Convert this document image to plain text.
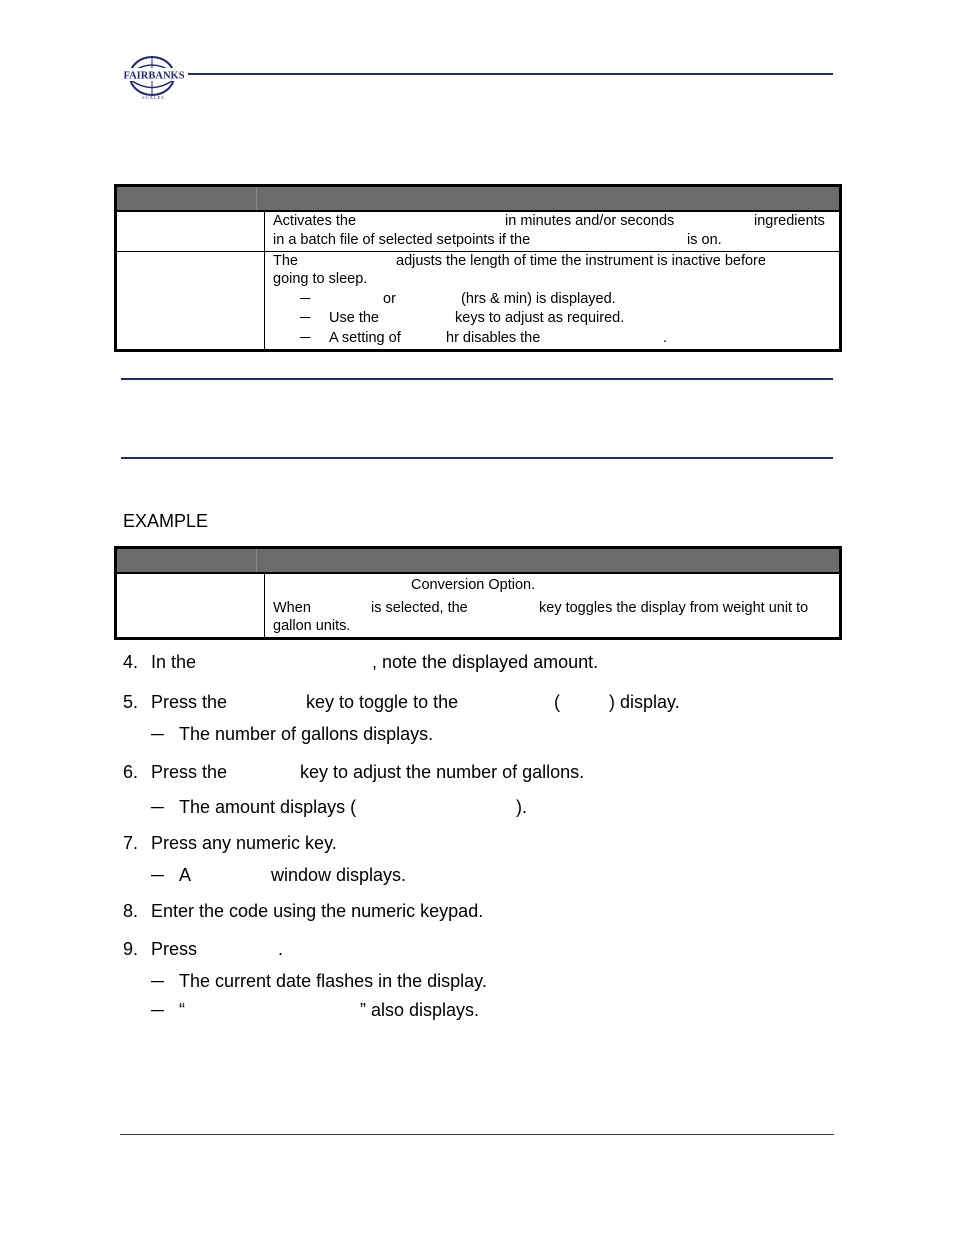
FAIRBANKS
S C A L E S
Activates the	in minutes and/or seconds	ingredients
in a batch file of selected setpoints if the	is on.
The	adjusts the length of time the instrument is inactive before
going to sleep.
─	or	(hrs & min) is displayed.
─ Use the	keys to adjust as required.
─ A setting of	hr disables the	.
EXAMPLE
Conversion Option.
When	is selected, the	key toggles the display from weight unit to
gallon units.
4. In the	, note the displayed amount.
5. Press the	key to toggle to the	(	) display.
─ The number of gallons displays.
6. Press the	key to adjust the number of gallons.
─ The amount displays (	).
7. Press any numeric key.
─ A	window displays.
8. Enter the code using the numeric keypad.
9. Press	.
─ The current date flashes in the display.
─ “	” also displays.
